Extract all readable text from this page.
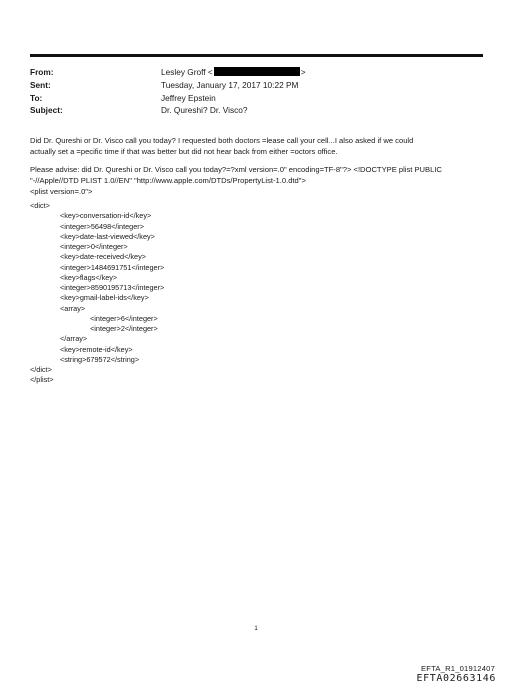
From:	Lesley Groff <	>
Sent:	Tuesday, January 17, 2017 10:22 PM
To:	Jeffrey Epstein
Subject:	Dr. Qureshi? Dr. Visco?
Did Dr. Qureshi or Dr. Visco call you today? I requested both doctors =lease call your cell...I also asked if we could
actually set a =pecific time if that was better but did not hear back from either =octors office.
Please advise: did Dr. Qureshi or Dr. Visco call you today?=?xml version=.0" encoding=TF-8"?> <!DOCTYPE plist PUBLIC
"-//Apple//DTD PLIST 1.0//EN" "http://www.apple.com/DTDs/PropertyList-1.0.dtd">
<plist version=.0">
<dict>
<key>conversation-id</key>
<integer>56498</integer>
<key>date-last-viewed</key>
<integer>0</integer>
<key>date-received</key>
<integer>1484691751</integer>
<key>flags</key>
<integer>8590195713</integer>
<key>gmail-label-ids</key>
<array>
<integer>6</integer>
<integer>2</integer>
</array>
<key>remote-id</key>
<string>679572</string>
</dict>
</plist>
1
EFTA_R1_01912407
EFTA02663146
